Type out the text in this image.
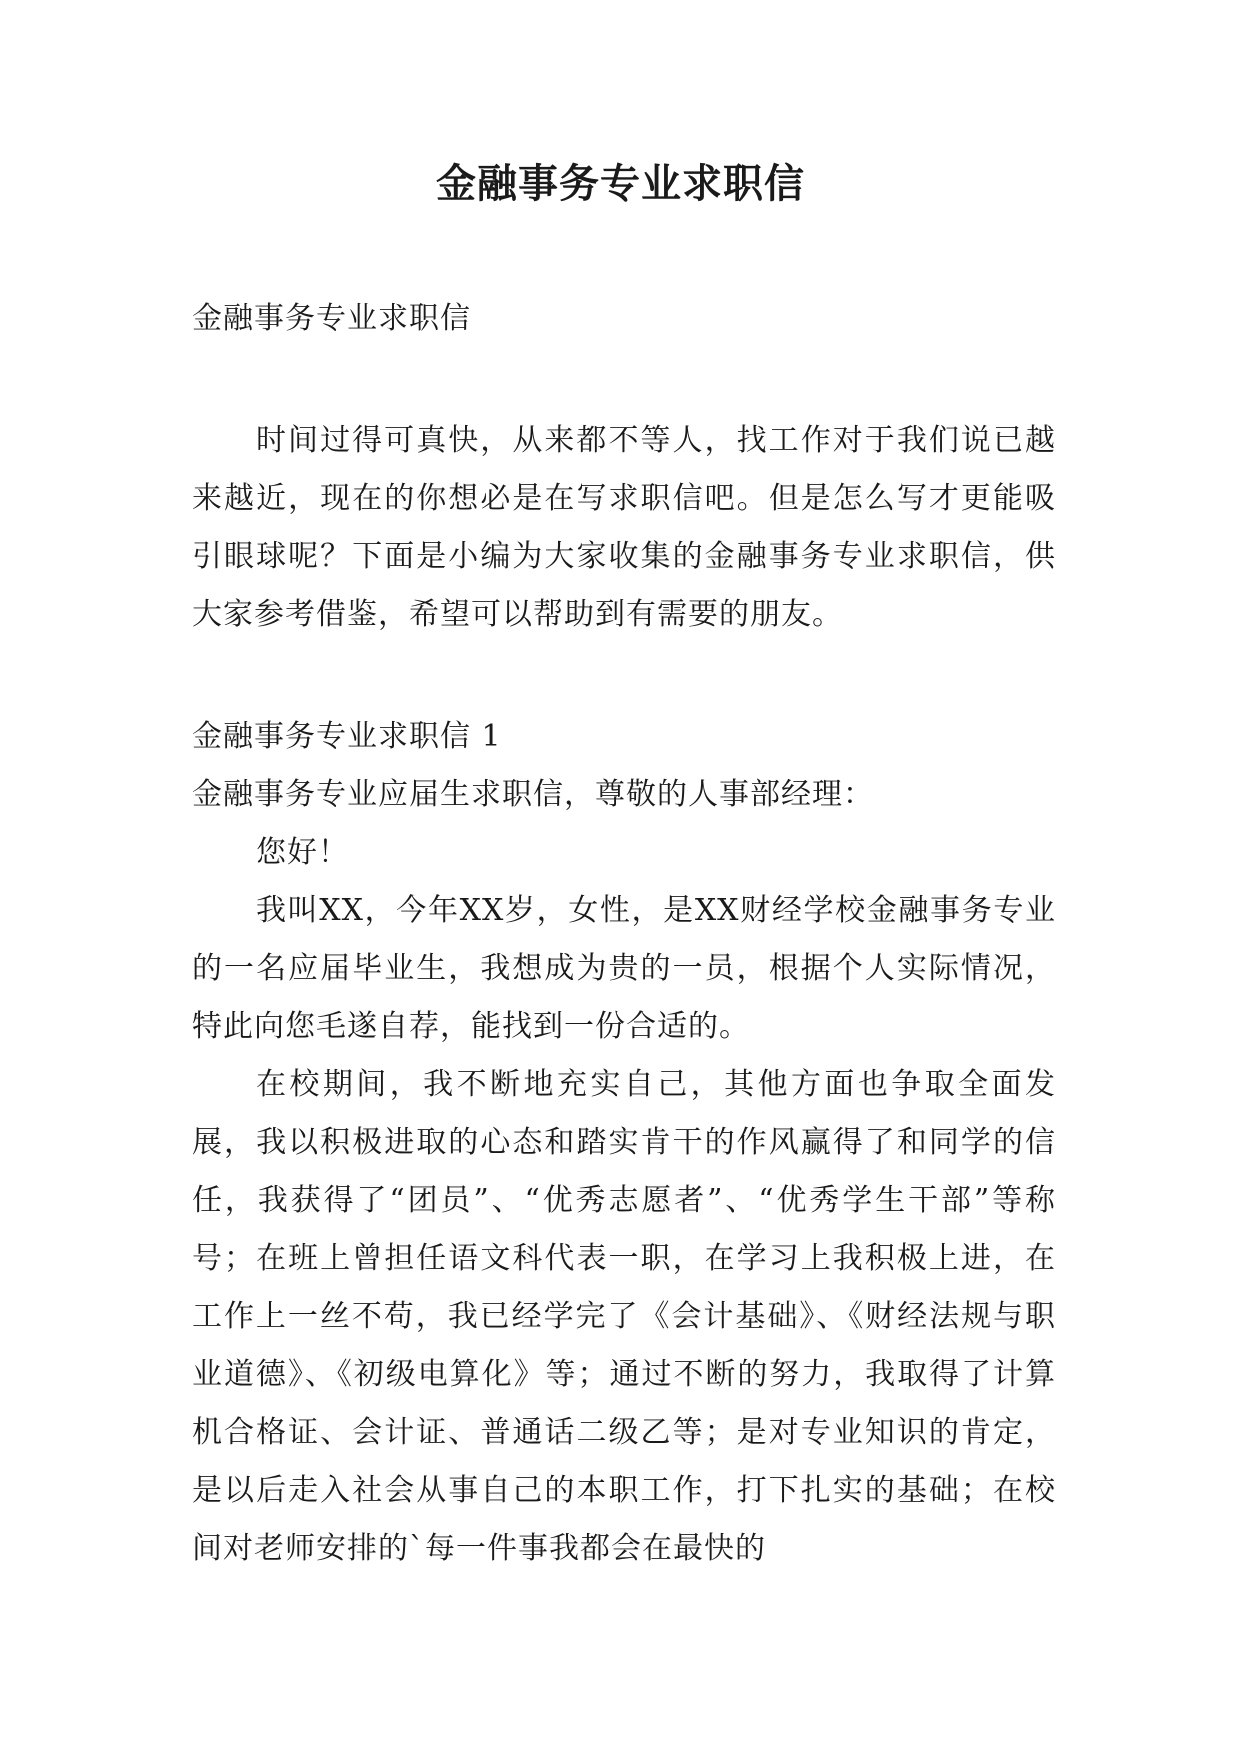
金融事务专业求职信

金融事务专业求职信

时间过得可真快，从来都不等人，找工作对于我们说已越来越近，现在的你想必是在写求职信吧。但是怎么写才更能吸引眼球呢？下面是小编为大家收集的金融事务专业求职信，供大家参考借鉴，希望可以帮助到有需要的朋友。

金融事务专业求职信 1

金融事务专业应届生求职信，尊敬的人事部经理：

您好！

我叫XX，今年XX岁，女性，是XX财经学校金融事务专业的一名应届毕业生，我想成为贵的一员，根据个人实际情况，特此向您毛遂自荐，能找到一份合适的。

在校期间，我不断地充实自己，其他方面也争取全面发展，我以积极进取的心态和踏实肯干的作风赢得了和同学的信任，我获得了“团员”、“优秀志愿者”、“优秀学生干部”等称号；在班上曾担任语文科代表一职，在学习上我积极上进，在工作上一丝不苟，我已经学完了《会计基础》、《财经法规与职业道德》、《初级电算化》等；通过不断的努力，我取得了计算机合格证、会计证、普通话二级乙等；是对专业知识的肯定，是以后走入社会从事自己的本职工作，打下扎实的基础；在校间对老师安排的`每一件事我都会在最快的
